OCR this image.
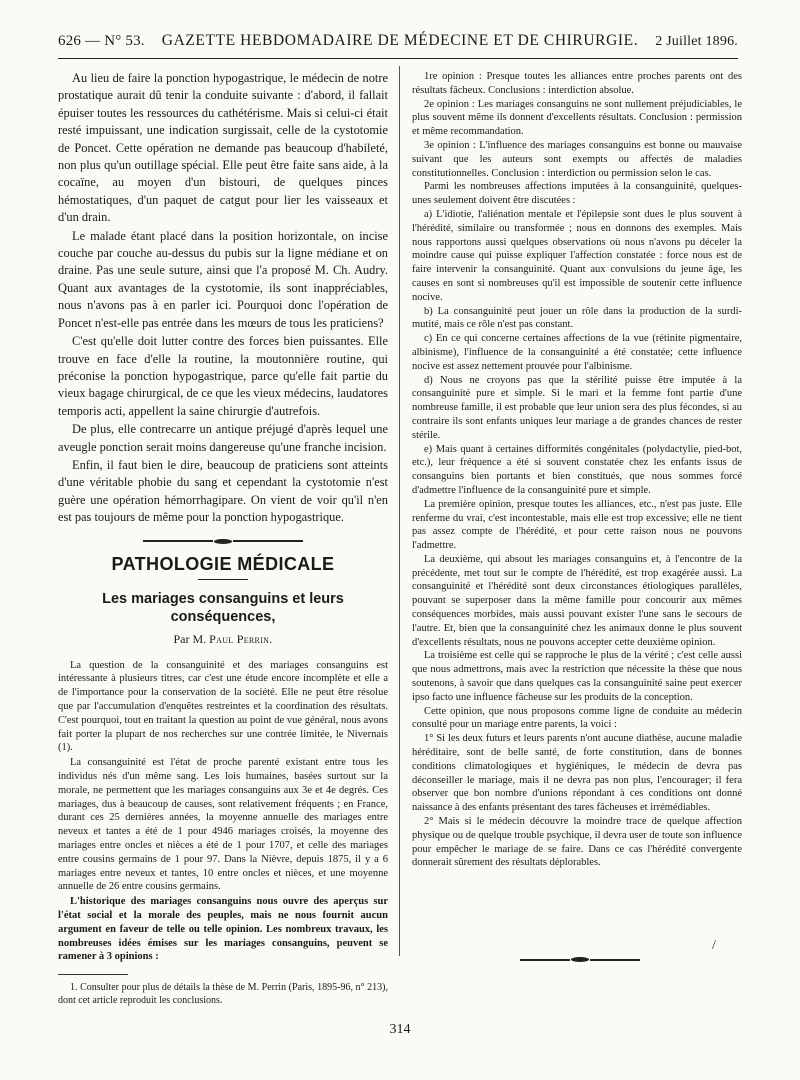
626 — N° 53. GAZETTE HEBDOMADAIRE DE MÉDECINE ET DE CHIRURGIE. 2 Juillet 1896.

Au lieu de faire la ponction hypogastrique, le médecin de notre prostatique aurait dû tenir la conduite suivante : d'abord, il fallait épuiser toutes les ressources du cathétérisme. Mais si celui-ci était resté impuissant, une indication surgissait, celle de la cystotomie de Poncet. Cette opération ne demande pas beaucoup d'habileté, non plus qu'un outillage spécial. Elle peut être faite sans aide, à la cocaïne, au moyen d'un bistouri, de quelques pinces hémostatiques, d'un paquet de catgut pour lier les vaisseaux et d'un drain.

Le malade étant placé dans la position horizontale, on incise couche par couche au-dessus du pubis sur la ligne médiane et on draine. Pas une seule suture, ainsi que l'a proposé M. Ch. Audry. Quant aux avantages de la cystotomie, ils sont inappréciables, nous n'avons pas à en parler ici. Pourquoi donc l'opération de Poncet n'est-elle pas entrée dans les mœurs de tous les praticiens?

C'est qu'elle doit lutter contre des forces bien puissantes. Elle trouve en face d'elle la routine, la moutonnière routine, qui préconise la ponction hypogastrique, parce qu'elle fait partie du vieux bagage chirurgical, de ce que les vieux médecins, laudatores temporis acti, appellent la saine chirurgie d'autrefois.

De plus, elle contrecarre un antique préjugé d'après lequel une aveugle ponction serait moins dangereuse qu'une franche incision.

Enfin, il faut bien le dire, beaucoup de praticiens sont atteints d'une véritable phobie du sang et cependant la cystotomie n'est guère une opération hémorrhagipare. On vient de voir qu'il n'en est pas toujours de même pour la ponction hypogastrique.

PATHOLOGIE MÉDICALE
Les mariages consanguins et leurs conséquences,
Par M. Paul Perrin.

La question de la consanguinité et des mariages consanguins est intéressante à plusieurs titres, car c'est une étude encore incomplète et elle a de l'importance pour la conservation de la société. Elle ne peut être résolue que par l'accumulation d'enquêtes restreintes et la coordination des résultats. C'est pourquoi, tout en traitant la question au point de vue général, nous avons fait porter la plupart de nos recherches sur une contrée limitée, le Nivernais (1).

La consanguinité est l'état de proche parenté existant entre tous les individus nés d'un même sang. Les lois humaines, basées surtout sur la morale, ne permettent que les mariages consanguins aux 3e et 4e degrés. Ces mariages, dus à beaucoup de causes, sont relativement fréquents ; en France, durant ces 25 dernières années, la moyenne annuelle des mariages entre neveux et tantes a été de 1 pour 4946 mariages croisés, la moyenne des mariages entre oncles et nièces a été de 1 pour 1707, et celle des mariages entre cousins germains de 1 pour 97. Dans la Nièvre, depuis 1875, il y a 6 mariages entre neveux et tantes, 10 entre oncles et nièces, et une moyenne annuelle de 26 entre cousins germains.

L'historique des mariages consanguins nous ouvre des aperçus sur l'état social et la morale des peuples, mais ne nous fournit aucun argument en faveur de telle ou telle opinion. Les nombreux travaux, les nombreuses idées émises sur les mariages consanguins, peuvent se ramener à 3 opinions :

1. Consulter pour plus de détails la thèse de M. Perrin (Paris, 1895-96, n° 213), dont cet article reproduit les conclusions.

1re opinion : Presque toutes les alliances entre proches parents ont des résultats fâcheux. Conclusions : interdiction absolue.

2e opinion : Les mariages consanguins ne sont nullement préjudiciables, le plus souvent même ils donnent d'excellents résultats. Conclusion : permission et même recommandation.

3e opinion : L'influence des mariages consanguins est bonne ou mauvaise suivant que les auteurs sont exempts ou affectés de maladies constitutionnelles. Conclusion : interdiction ou permission selon le cas.

Parmi les nombreuses affections imputées à la consanguinité, quelques-unes seulement doivent être discutées :

a) L'idiotie, l'aliénation mentale et l'épilepsie sont dues le plus souvent à l'hérédité, similaire ou transformée ; nous en donnons des exemples. Mais nous rapportons aussi quelques observations où nous n'avons pu déceler la moindre cause qui puisse expliquer l'affection constatée : force nous est de faire intervenir la consanguinité. Quant aux convulsions du jeune âge, les causes en sont si nombreuses qu'il est impossible de soutenir cette influence nocive.

b) La consanguinité peut jouer un rôle dans la production de la surdi-mutité, mais ce rôle n'est pas constant.

c) En ce qui concerne certaines affections de la vue (rétinite pigmentaire, albinisme), l'influence de la consanguinité a été constatée; cette influence nocive est assez nettement prouvée pour l'albinisme.

d) Nous ne croyons pas que la stérilité puisse être imputée à la consanguinité pure et simple. Si le mari et la femme font partie d'une nombreuse famille, il est probable que leur union sera des plus fécondes, si au contraire ils sont enfants uniques leur mariage a de grandes chances de rester stérile.

e) Mais quant à certaines difformités congénitales (polydactylie, pied-bot, etc.), leur fréquence a été si souvent constatée chez les enfants issus de consanguins bien portants et bien constitués, que nous sommes forcé d'admettre l'influence de la consanguinité pure et simple.

La première opinion, presque toutes les alliances, etc., n'est pas juste. Elle renferme du vrai, c'est incontestable, mais elle est trop excessive; elle ne tient pas assez compte de l'hérédité, et pour cette raison nous ne pouvons l'admettre.

La deuxième, qui absout les mariages consanguins et, à l'encontre de la précédente, met tout sur le compte de l'hérédité, est trop exagérée aussi. La consanguinité et l'hérédité sont deux circonstances étiologiques parallèles, pouvant se superposer dans la même famille pour concourir aux mêmes conséquences morbides, mais aussi pouvant exister l'une sans le secours de l'autre. Et, bien que la consanguinité chez les animaux donne le plus souvent d'excellents résultats, nous ne pouvons accepter cette deuxième opinion.

La troisième est celle qui se rapproche le plus de la vérité ; c'est celle aussi que nous admettrons, mais avec la restriction que nécessite la thèse que nous soutenons, à savoir que dans quelques cas la consanguinité saine peut exercer ipso facto une influence fâcheuse sur les produits de la conception.

Cette opinion, que nous proposons comme ligne de conduite au médecin consulté pour un mariage entre parents, la voici :

1° Si les deux futurs et leurs parents n'ont aucune diathèse, aucune maladie héréditaire, sont de belle santé, de forte constitution, dans de bonnes conditions climatologiques et hygiéniques, le médecin de devra pas déconseiller le mariage, mais il ne devra pas non plus, l'encourager; il fera observer que bon nombre d'unions répondant à ces conditions ont donné naissance à des enfants présentant des tares fâcheuses et irrémédiables.

2° Mais si le médecin découvre la moindre trace de quelque affection physique ou de quelque trouble psychique, il devra user de toute son influence pour empêcher le mariage de se faire. Dans ce cas l'hérédité convergente donnerait sûrement des résultats déplorables.

/
314
